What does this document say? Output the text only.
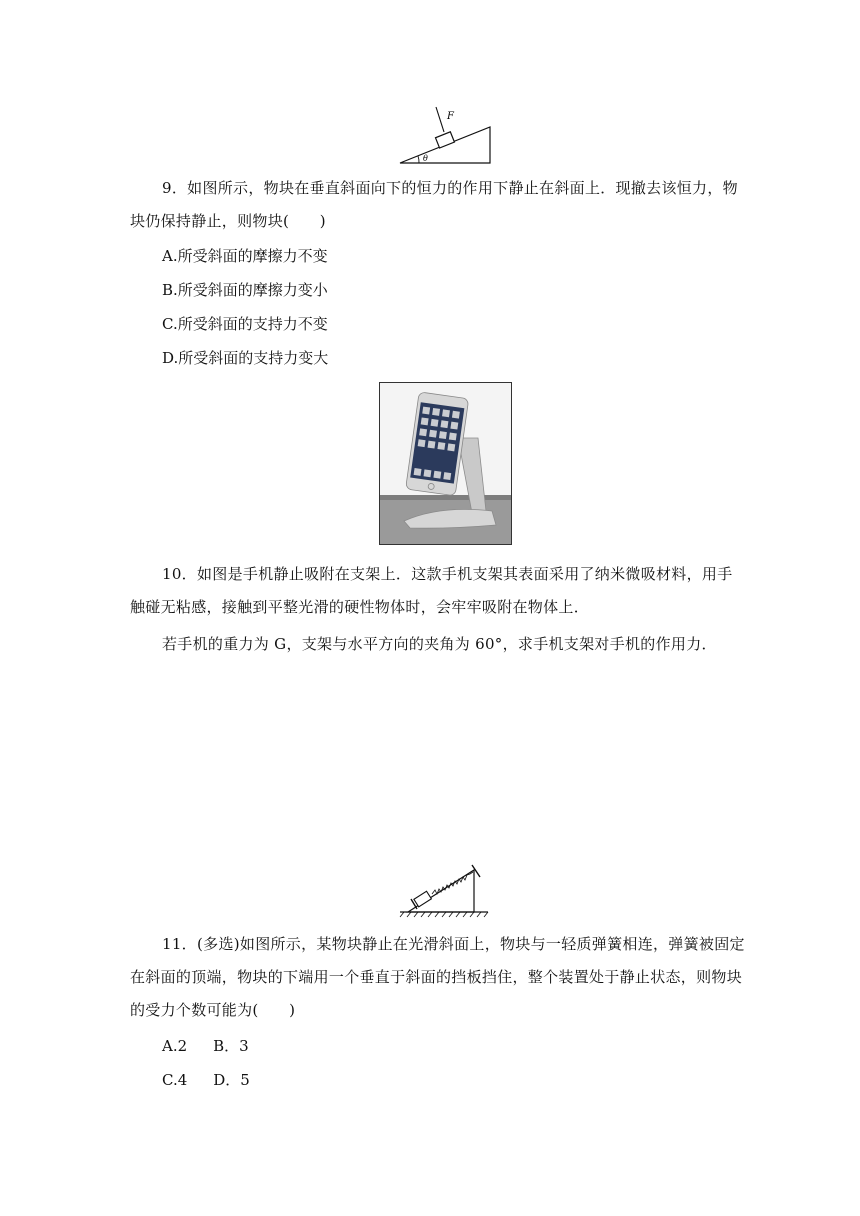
F
θ
9．如图所示，物块在垂直斜面向下的恒力的作用下静止在斜面上．现撤去该恒力，物块仍保持静止，则物块(　　)
A.所受斜面的摩擦力不变
B.所受斜面的摩擦力变小
C.所受斜面的支持力不变
D.所受斜面的支持力变大
10．如图是手机静止吸附在支架上．这款手机支架其表面采用了纳米微吸材料，用手触碰无粘感，接触到平整光滑的硬性物体时，会牢牢吸附在物体上．
若手机的重力为 G，支架与水平方向的夹角为 60°，求手机支架对手机的作用力．
11．(多选)如图所示，某物块静止在光滑斜面上，物块与一轻质弹簧相连，弹簧被固定在斜面的顶端，物块的下端用一个垂直于斜面的挡板挡住，整个装置处于静止状态，则物块的受力个数可能为(　　)
A.2 B．3
C.4 D．5
